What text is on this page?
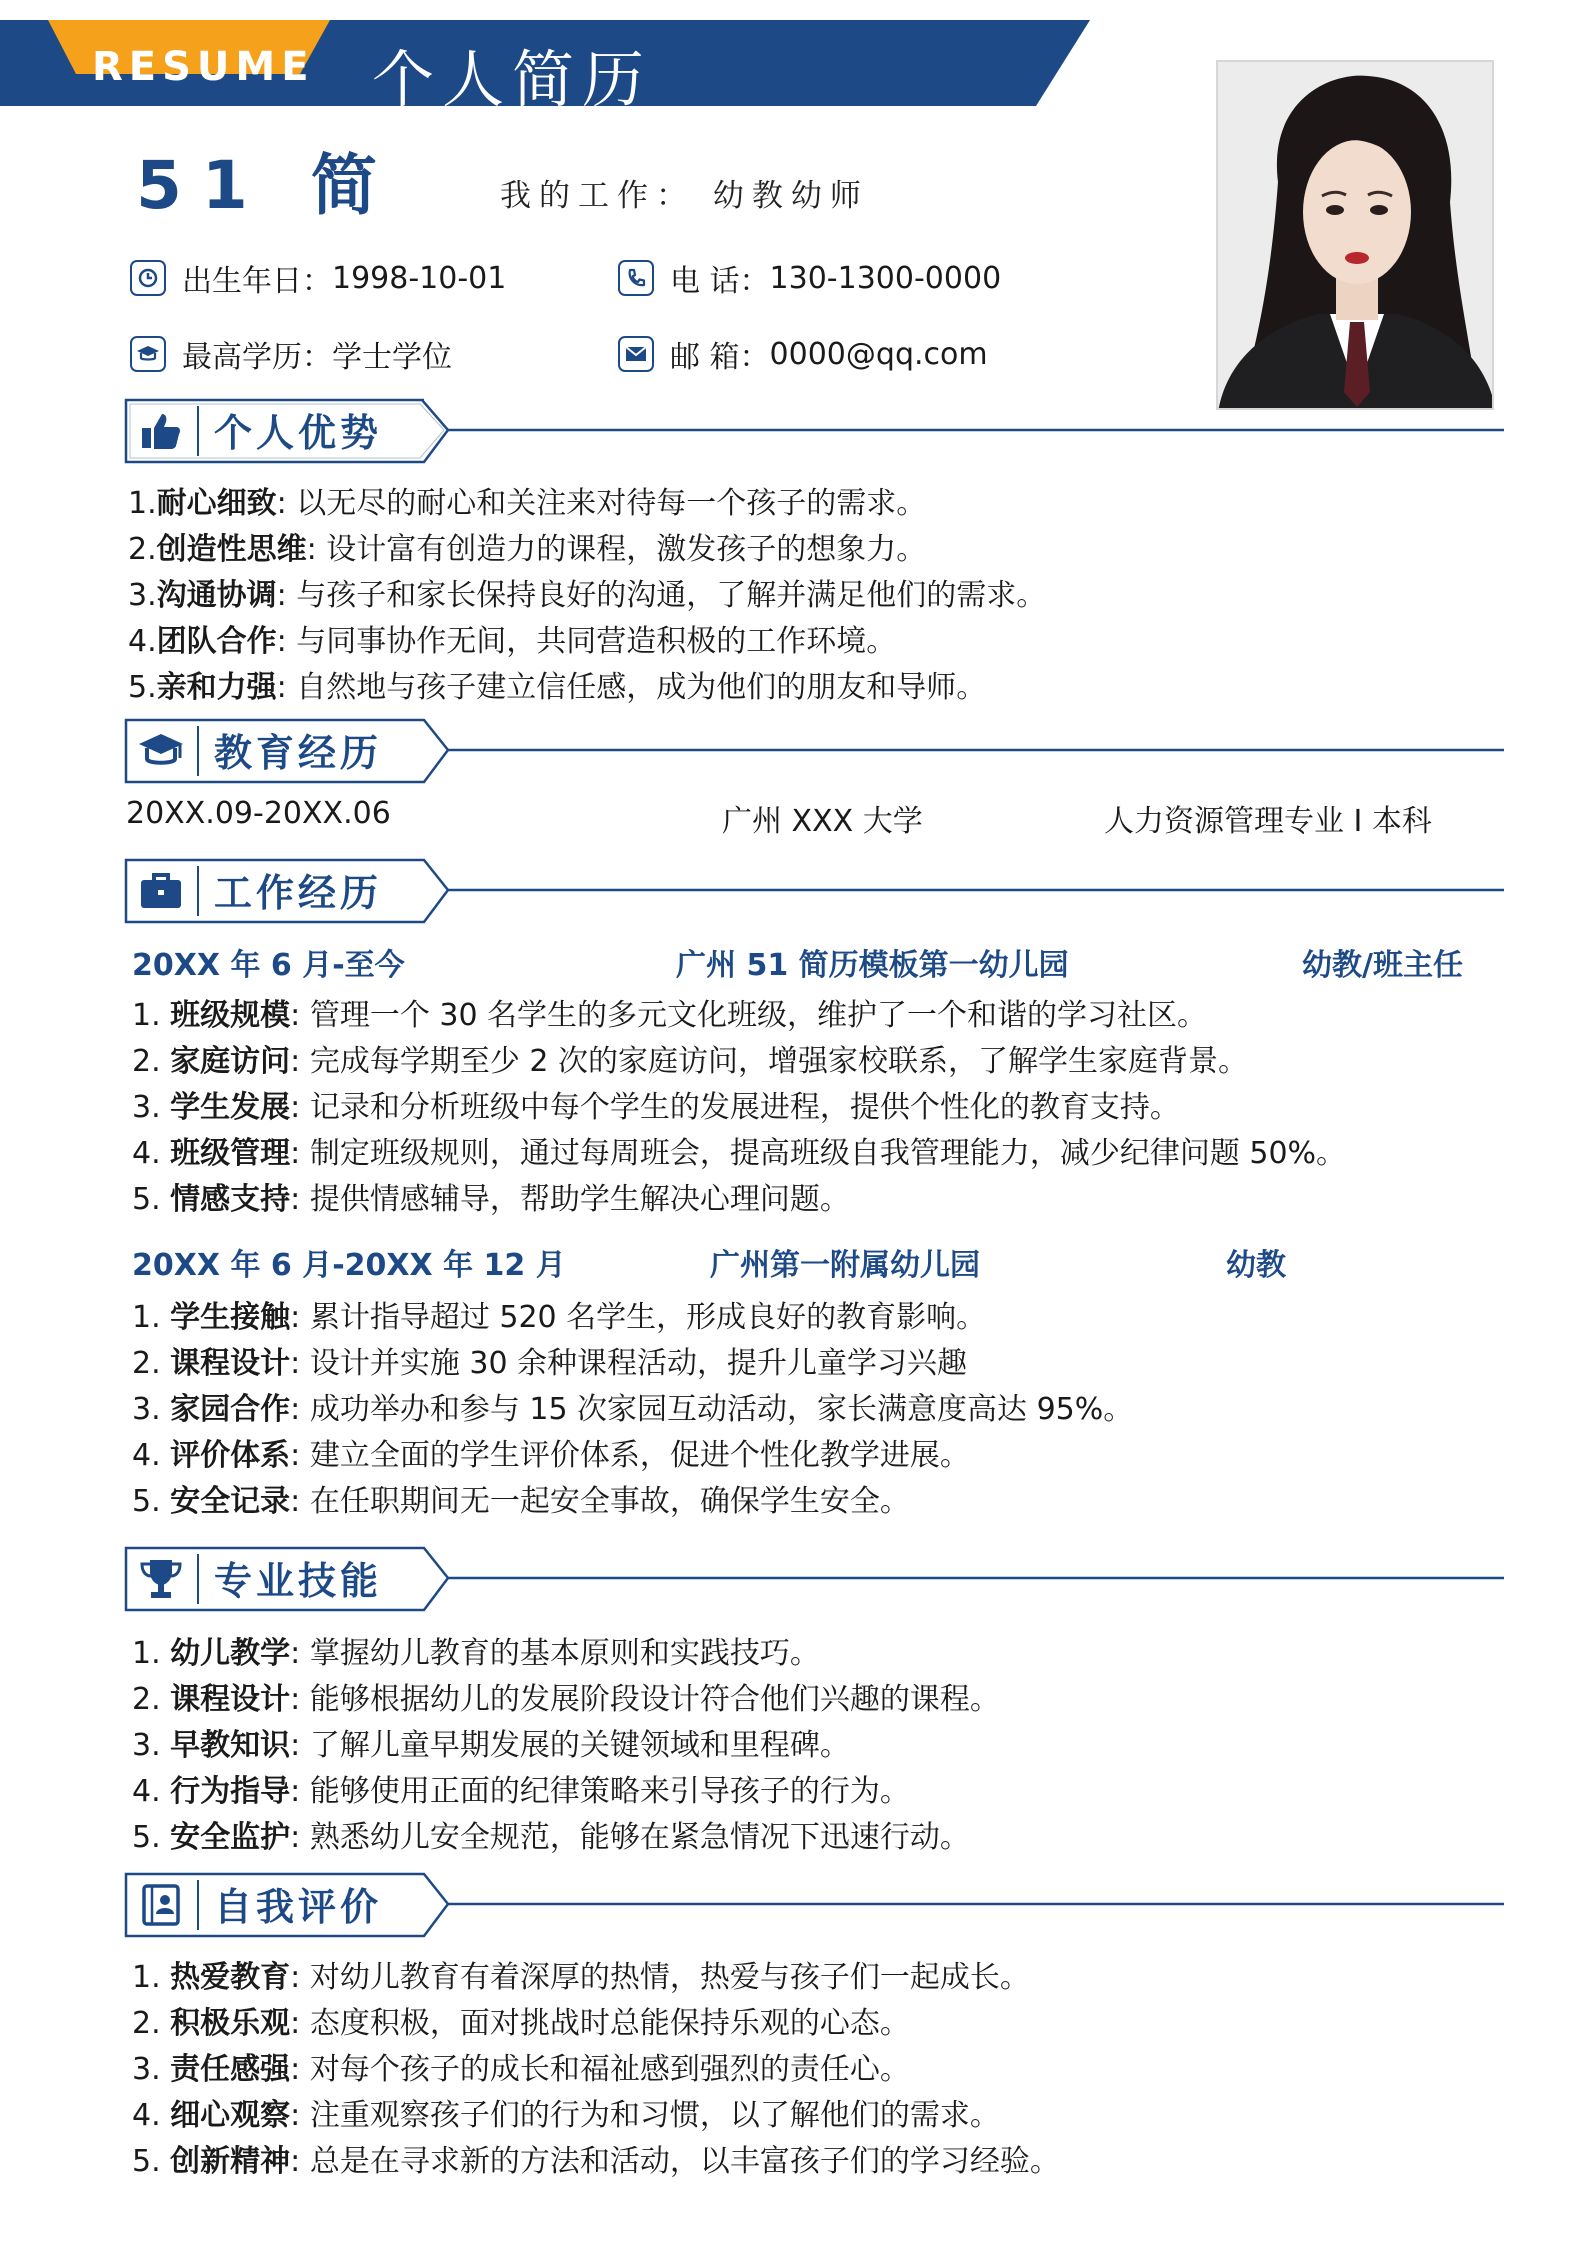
RESUME 个人简历
51 简	我的工作： 幼教幼师
出生年日： 1998-10-01	电 话： 130-1300-0000
最高学历： 学士学位	邮 箱： 0000@qq.com
个人优势
1.耐心细致: 以无尽的耐心和关注来对待每一个孩子的需求。
2.创造性思维: 设计富有创造力的课程，激发孩子的想象力。
3.沟通协调: 与孩子和家长保持良好的沟通，了解并满足他们的需求。
4.团队合作: 与同事协作无间，共同营造积极的工作环境。
5.亲和力强: 自然地与孩子建立信任感，成为他们的朋友和导师。
教育经历
20XX.09-20XX.06	广州 XXX 大学	人力资源管理专业 I 本科
工作经历
20XX 年 6 月-至今	广州 51 简历模板第一幼儿园	幼教/班主任
1. 班级规模: 管理一个 30 名学生的多元文化班级，维护了一个和谐的学习社区。
2. 家庭访问: 完成每学期至少 2 次的家庭访问，增强家校联系，了解学生家庭背景。
3. 学生发展: 记录和分析班级中每个学生的发展进程，提供个性化的教育支持。
4. 班级管理: 制定班级规则，通过每周班会，提高班级自我管理能力，减少纪律问题 50%。
5. 情感支持: 提供情感辅导，帮助学生解决心理问题。
20XX 年 6 月-20XX 年 12 月	广州第一附属幼儿园	幼教
1. 学生接触: 累计指导超过 520 名学生，形成良好的教育影响。
2. 课程设计: 设计并实施 30 余种课程活动，提升儿童学习兴趣
3. 家园合作: 成功举办和参与 15 次家园互动活动，家长满意度高达 95%。
4. 评价体系: 建立全面的学生评价体系，促进个性化教学进展。
5. 安全记录: 在任职期间无一起安全事故，确保学生安全。
专业技能
1. 幼儿教学: 掌握幼儿教育的基本原则和实践技巧。
2. 课程设计: 能够根据幼儿的发展阶段设计符合他们兴趣的课程。
3. 早教知识: 了解儿童早期发展的关键领域和里程碑。
4. 行为指导: 能够使用正面的纪律策略来引导孩子的行为。
5. 安全监护: 熟悉幼儿安全规范，能够在紧急情况下迅速行动。
自我评价
1. 热爱教育: 对幼儿教育有着深厚的热情，热爱与孩子们一起成长。
2. 积极乐观: 态度积极，面对挑战时总能保持乐观的心态。
3. 责任感强: 对每个孩子的成长和福祉感到强烈的责任心。
4. 细心观察: 注重观察孩子们的行为和习惯，以了解他们的需求。
5. 创新精神: 总是在寻求新的方法和活动，以丰富孩子们的学习经验。
